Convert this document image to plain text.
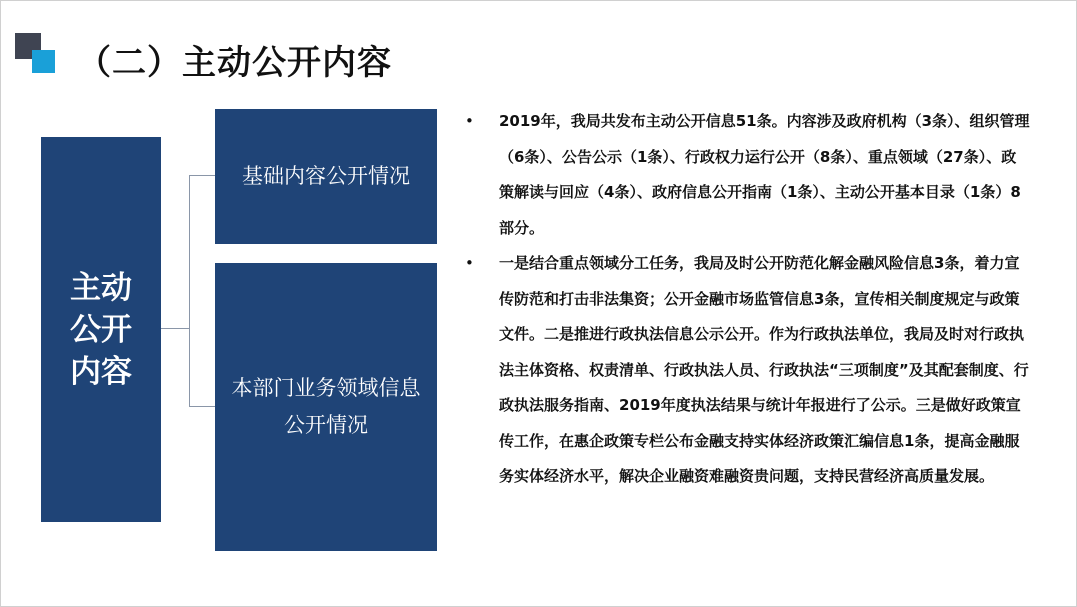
（二）主动公开内容
主动公开内容
基础内容公开情况
本部门业务领域信息公开情况
• 2019年，我局共发布主动公开信息51条。内容涉及政府机构（3条）、组织管理（6条）、公告公示（1条）、行政权力运行公开（8条）、重点领域（27条）、政策解读与回应（4条）、政府信息公开指南（1条）、主动公开基本目录（1条）8部分。
• 一是结合重点领域分工任务，我局及时公开防范化解金融风险信息3条，着力宣传防范和打击非法集资；公开金融市场监管信息3条，宣传相关制度规定与政策文件。二是推进行政执法信息公示公开。作为行政执法单位，我局及时对行政执法主体资格、权责清单、行政执法人员、行政执法“三项制度”及其配套制度、行政执法服务指南、2019年度执法结果与统计年报进行了公示。三是做好政策宣传工作，在惠企政策专栏公布金融支持实体经济政策汇编信息1条，提高金融服务实体经济水平，解决企业融资难融资贵问题，支持民营经济高质量发展。
